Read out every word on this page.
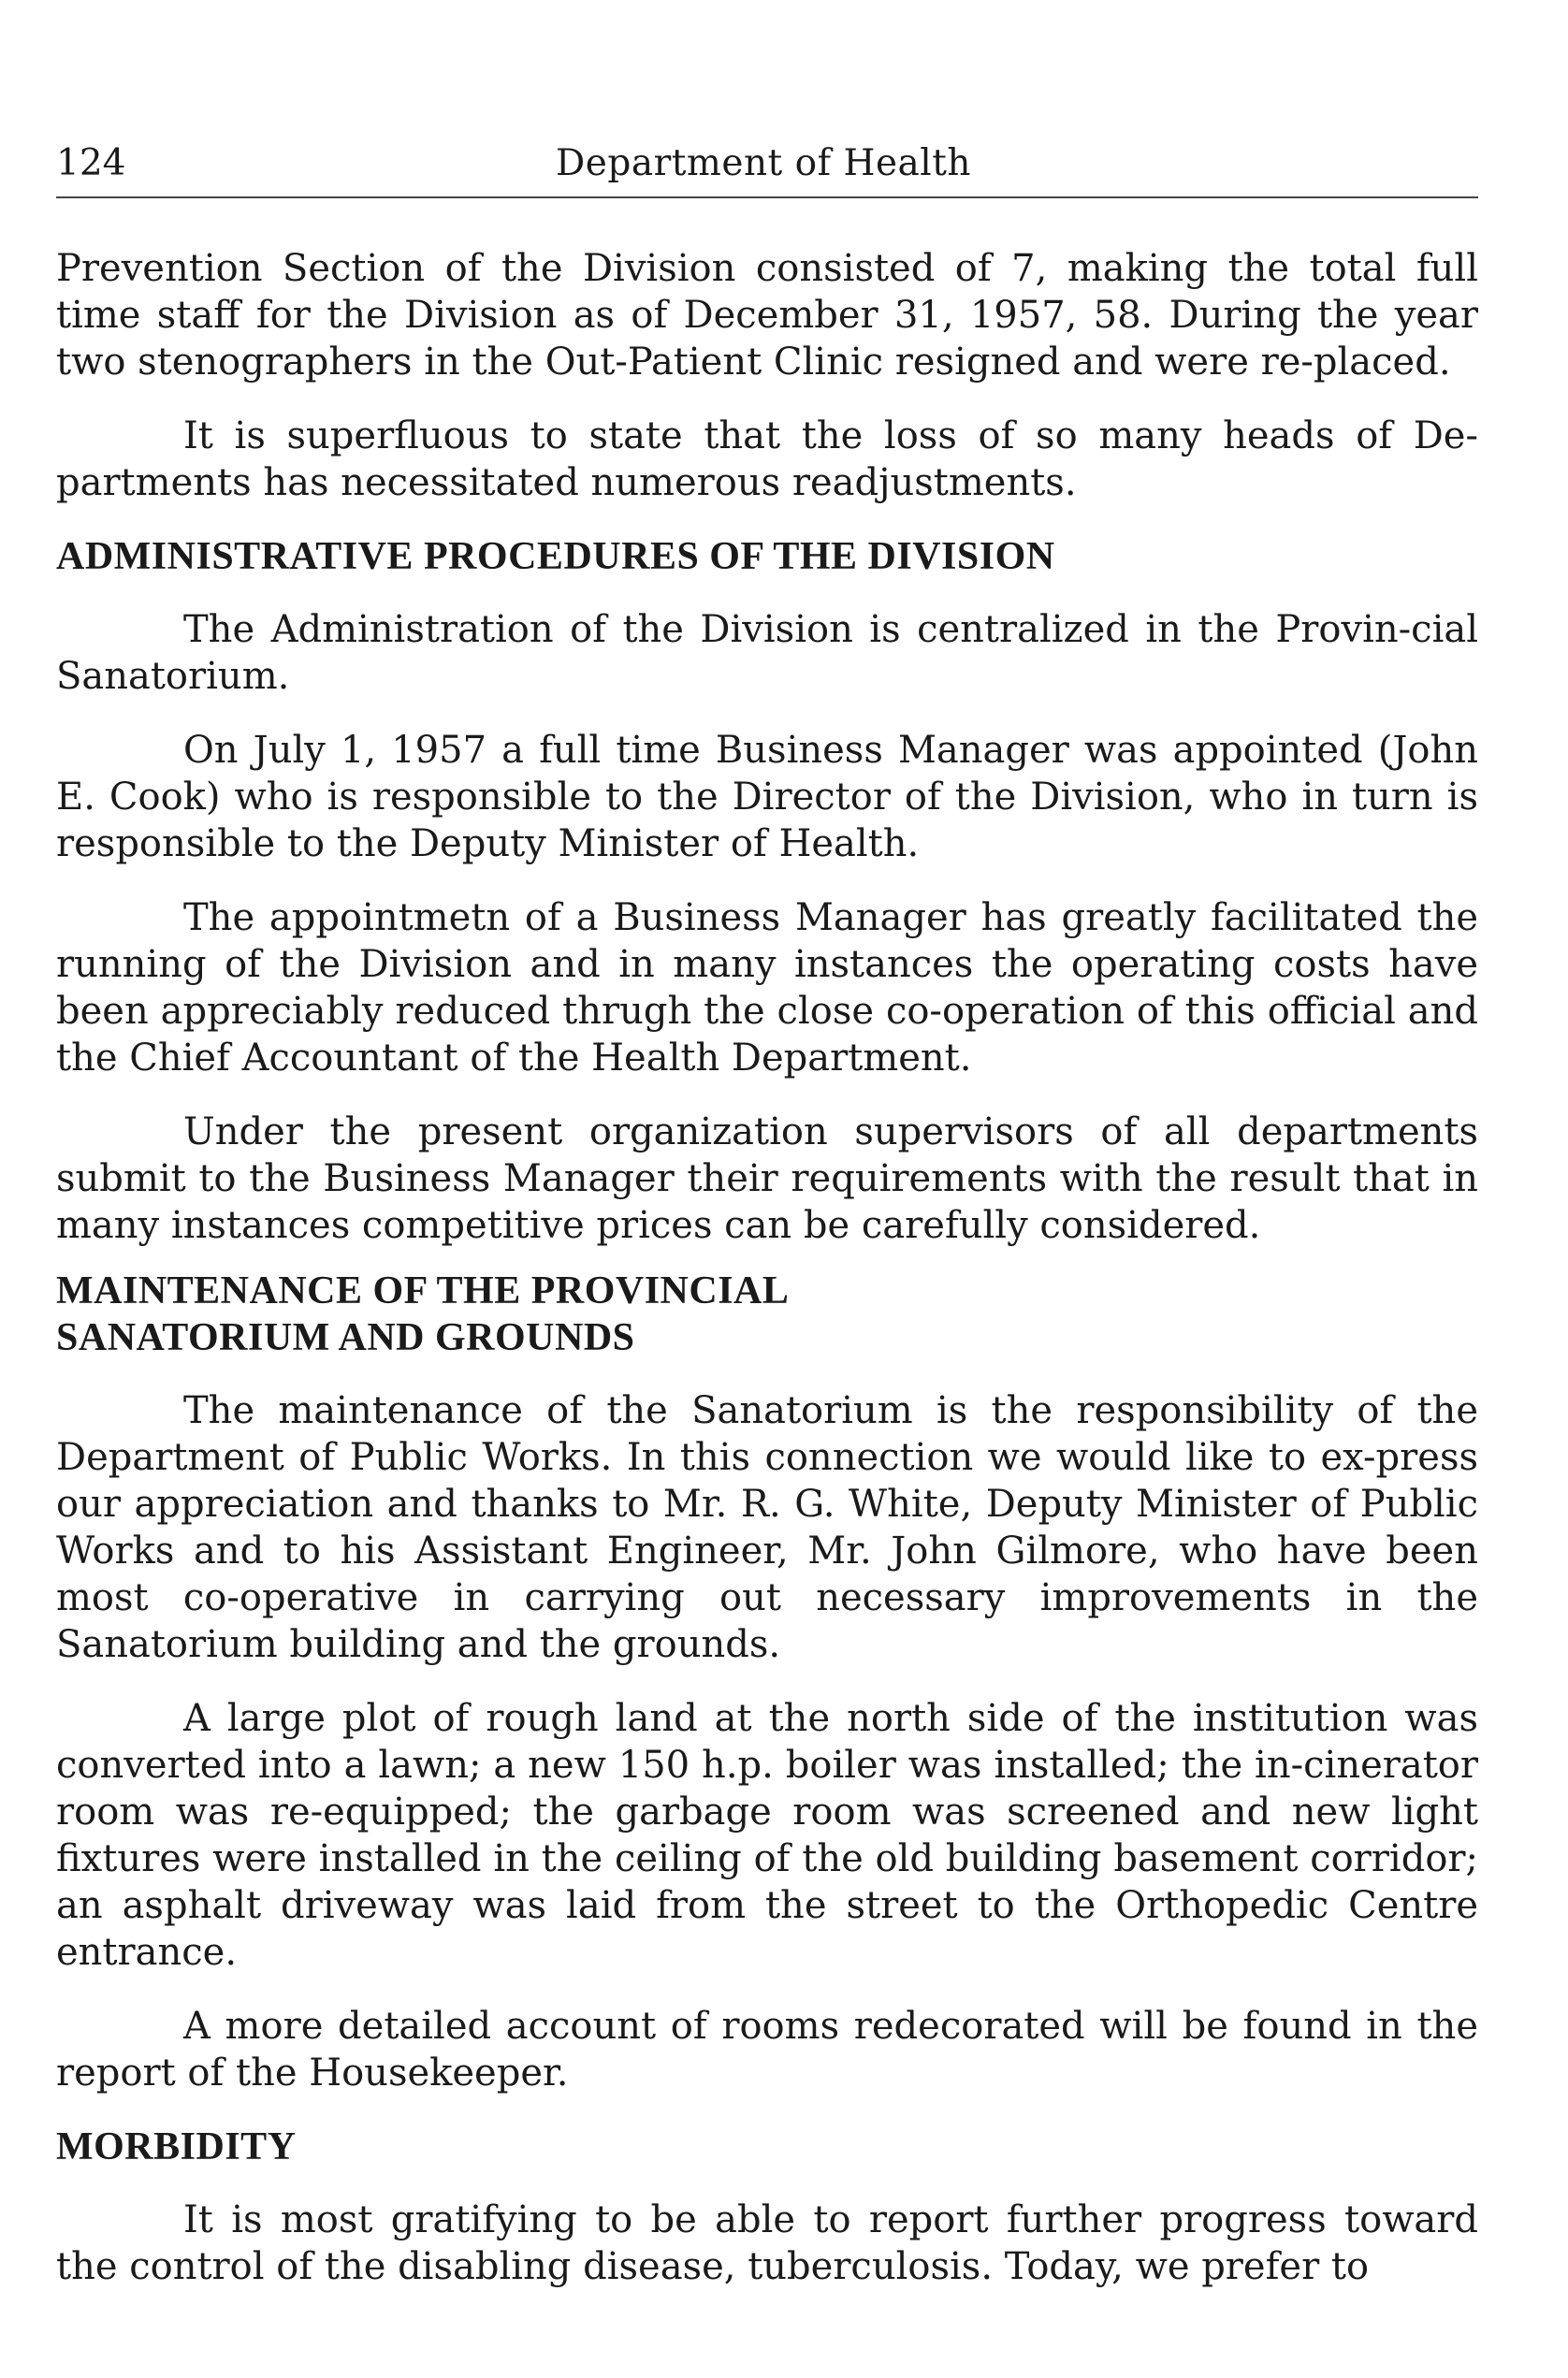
124	Department of Health

Prevention Section of the Division consisted of 7, making the total full time staff for the Division as of December 31, 1957, 58. During the year two stenographers in the Out-Patient Clinic resigned and were re-placed.

It is superfluous to state that the loss of so many heads of De-partments has necessitated numerous readjustments.

ADMINISTRATIVE PROCEDURES OF THE DIVISION

The Administration of the Division is centralized in the Provin-cial Sanatorium.

On July 1, 1957 a full time Business Manager was appointed (John E. Cook) who is responsible to the Director of the Division, who in turn is responsible to the Deputy Minister of Health.

The appointmetn of a Business Manager has greatly facilitated the running of the Division and in many instances the operating costs have been appreciably reduced thrugh the close co-operation of this official and the Chief Accountant of the Health Department.

Under the present organization supervisors of all departments submit to the Business Manager their requirements with the result that in many instances competitive prices can be carefully considered.

MAINTENANCE OF THE PROVINCIAL
SANATORIUM AND GROUNDS

The maintenance of the Sanatorium is the responsibility of the Department of Public Works. In this connection we would like to ex-press our appreciation and thanks to Mr. R. G. White, Deputy Minister of Public Works and to his Assistant Engineer, Mr. John Gilmore, who have been most co-operative in carrying out necessary improvements in the Sanatorium building and the grounds.

A large plot of rough land at the north side of the institution was converted into a lawn; a new 150 h.p. boiler was installed; the in-cinerator room was re-equipped; the garbage room was screened and new light fixtures were installed in the ceiling of the old building basement corridor; an asphalt driveway was laid from the street to the Orthopedic Centre entrance.

A more detailed account of rooms redecorated will be found in the report of the Housekeeper.

MORBIDITY

It is most gratifying to be able to report further progress toward the control of the disabling disease, tuberculosis. Today, we prefer to
